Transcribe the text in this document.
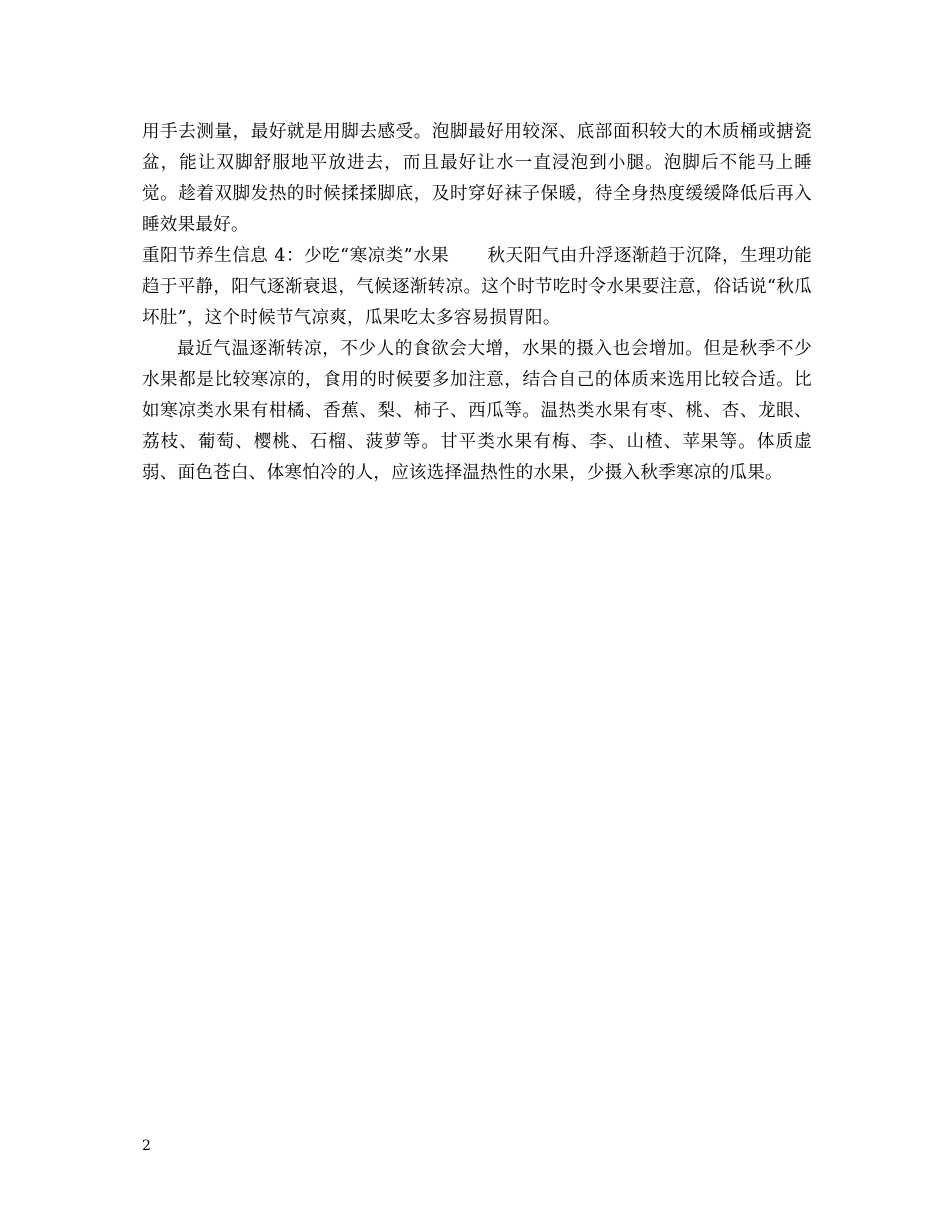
用手去测量，最好就是用脚去感受。泡脚最好用较深、底部面积较大的木质桶或搪瓷盆，能让双脚舒服地平放进去，而且最好让水一直浸泡到小腿。泡脚后不能马上睡觉。趁着双脚发热的时候揉揉脚底，及时穿好袜子保暖，待全身热度缓缓降低后再入睡效果最好。

重阳节养生信息 4：少吃“寒凉类”水果 秋天阳气由升浮逐渐趋于沉降，生理功能趋于平静，阳气逐渐衰退，气候逐渐转凉。这个时节吃时令水果要注意，俗话说“秋瓜坏肚”，这个时候节气凉爽，瓜果吃太多容易损胃阳。

最近气温逐渐转凉，不少人的食欲会大增，水果的摄入也会增加。但是秋季不少水果都是比较寒凉的，食用的时候要多加注意，结合自己的体质来选用比较合适。比如寒凉类水果有柑橘、香蕉、梨、柿子、西瓜等。温热类水果有枣、桃、杏、龙眼、荔枝、葡萄、樱桃、石榴、菠萝等。甘平类水果有梅、李、山楂、苹果等。体质虚弱、面色苍白、体寒怕冷的人，应该选择温热性的水果，少摄入秋季寒凉的瓜果。

2
